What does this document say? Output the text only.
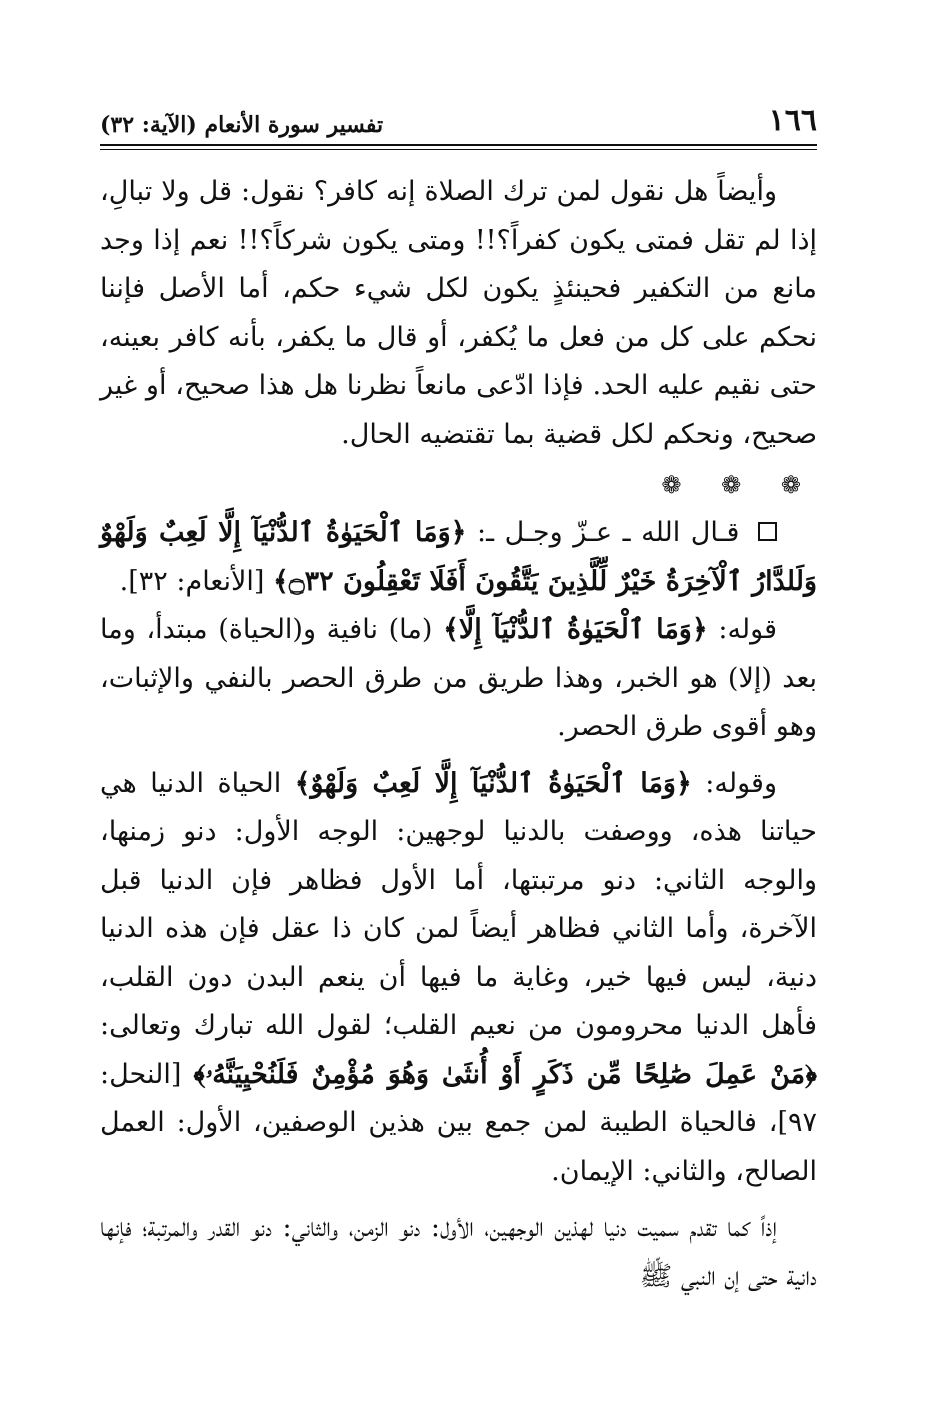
١٦٦
تفسير سورة الأنعام (الآية: ٣٢)

وأيضاً هل نقول لمن ترك الصلاة إنه كافر؟ نقول: قل ولا تبالِ، إذا لم تقل فمتى يكون كفراً؟!! ومتى يكون شركاً؟!! نعم إذا وجد مانع من التكفير فحينئذٍ يكون لكل شيء حكم، أما الأصل فإننا نحكم على كل من فعل ما يُكفر، أو قال ما يكفر، بأنه كافر بعينه، حتى نقيم عليه الحد. فإذا ادّعى مانعاً نظرنا هل هذا صحيح، أو غير صحيح، ونحكم لكل قضية بما تقتضيه الحال.

❁ ❁ ❁

قـال الله ـ عـزّ وجـل ـ: ﴿وَمَا ٱلْحَيَوٰةُ ٱلدُّنْيَآ إِلَّا لَعِبٌ وَلَهْوٌ وَلَلدَّارُ ٱلْآخِرَةُ خَيْرٌ لِّلَّذِينَ يَتَّقُونَ أَفَلَا تَعْقِلُونَ ۝٣٢﴾ [الأنعام: ٣٢].

قوله: ﴿وَمَا ٱلْحَيَوٰةُ ٱلدُّنْيَآ إِلَّا﴾ (ما) نافية و(الحياة) مبتدأ، وما بعد (إلا) هو الخبر، وهذا طريق من طرق الحصر بالنفي والإثبات، وهو أقوى طرق الحصر.

وقوله: ﴿وَمَا ٱلْحَيَوٰةُ ٱلدُّنْيَآ إِلَّا لَعِبٌ وَلَهْوٌ﴾ الحياة الدنيا هي حياتنا هذه، ووصفت بالدنيا لوجهين: الوجه الأول: دنو زمنها، والوجه الثاني: دنو مرتبتها، أما الأول فظاهر فإن الدنيا قبل الآخرة، وأما الثاني فظاهر أيضاً لمن كان ذا عقل فإن هذه الدنيا دنية، ليس فيها خير، وغاية ما فيها أن ينعم البدن دون القلب، فأهل الدنيا محرومون من نعيم القلب؛ لقول الله تبارك وتعالى: ﴿مَنْ عَمِلَ صَٰلِحًا مِّن ذَكَرٍ أَوْ أُنثَىٰ وَهُوَ مُؤْمِنٌ فَلَنُحْيِيَنَّهُۥ﴾ [النحل: ٩٧]، فالحياة الطيبة لمن جمع بين هذين الوصفين، الأول: العمل الصالح، والثاني: الإيمان.

إذاً كما تقدم سميت دنيا لهذين الوجهين، الأول: دنو الزمن، والثاني: دنو القدر والمرتبة؛ فإنها دانية حتى إن النبي ﷺ
